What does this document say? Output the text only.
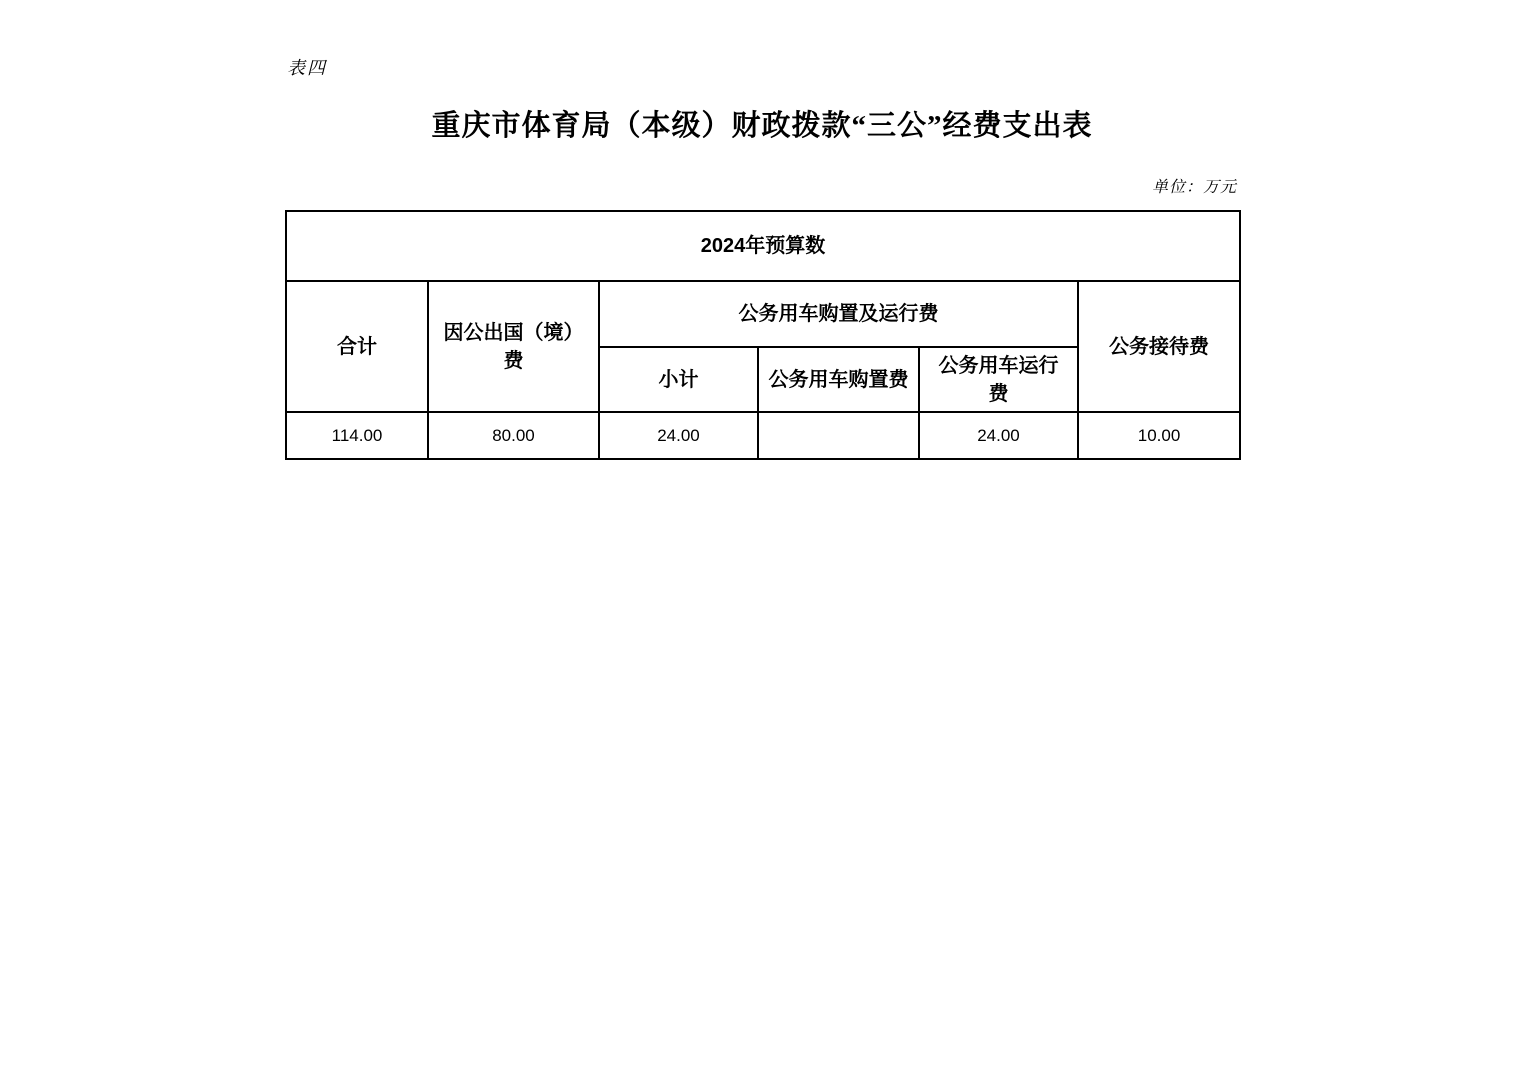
表四
重庆市体育局（本级）财政拨款“三公”经费支出表
单位：万元
2024年预算数					
合计	因公出国（境）费	公务用车购置及运行费			公务接待费
		小计	公务用车购置费	公务用车运行费	
114.00	80.00	24.00		24.00	10.00
